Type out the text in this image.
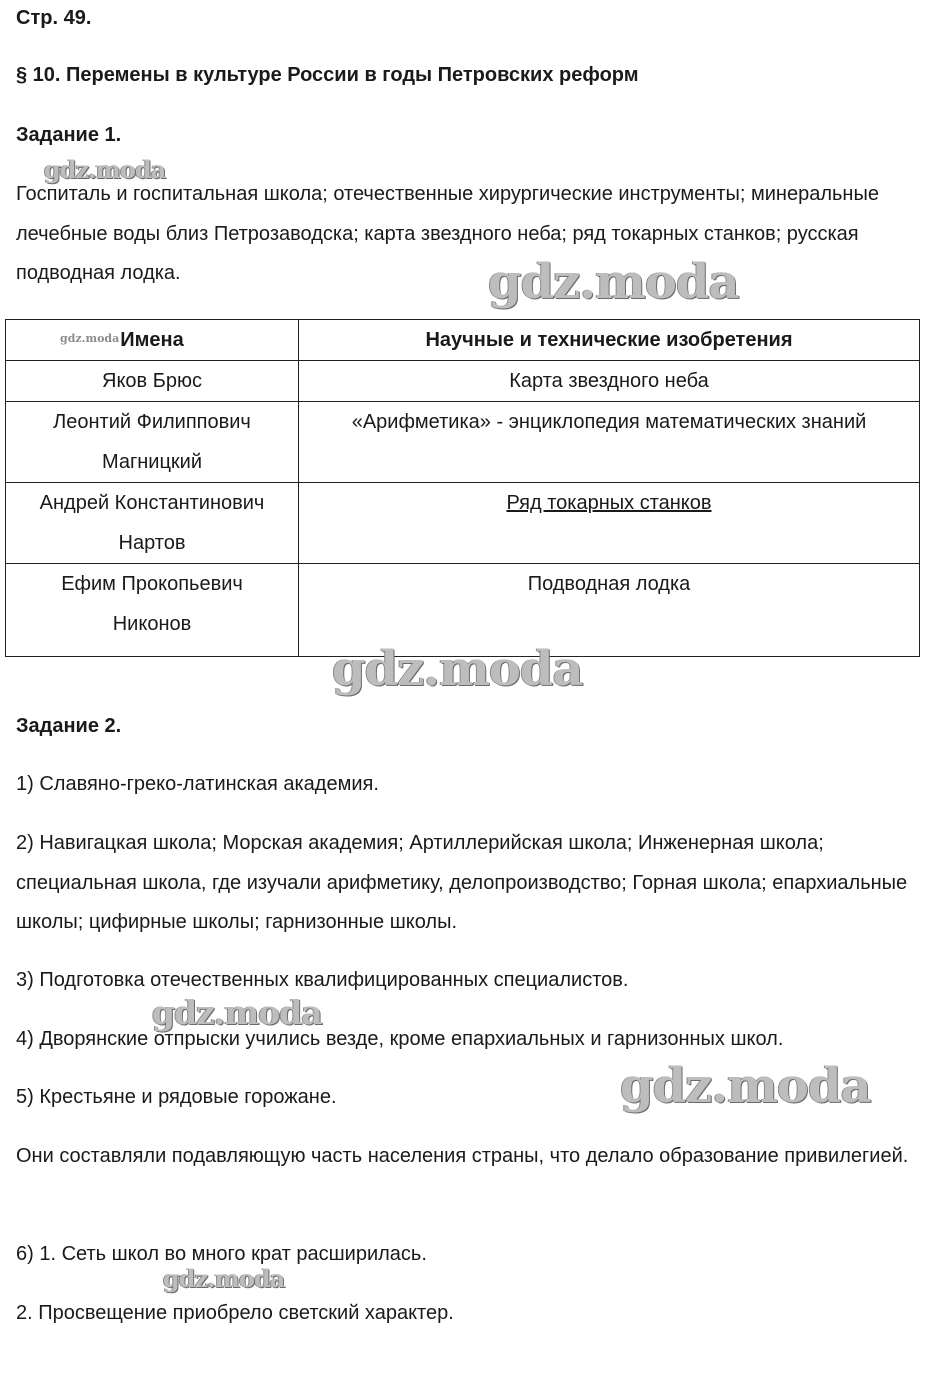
Стр. 49.
§ 10. Перемены в культуре России в годы Петровских реформ
Задание 1.
Госпиталь и госпитальная школа; отечественные хирургические инструменты; минеральные лечебные воды близ Петрозаводска; карта звездного неба; ряд токарных станков; русская подводная лодка.
Имена	Научные и технические изобретения
Яков Брюс	Карта звездного неба

Леонтий Филиппович
Магницкий	«Арифметика» - энциклопедия математических знаний

Андрей Константинович
Нартов	Ряд токарных станков

Ефим Прокопьевич
Никонов	Подводная лодка
Задание 2.
1) Славяно-греко-латинская академия.
2) Навигацкая школа; Морская академия; Артиллерийская школа; Инженерная школа; специальная школа, где изучали арифметику, делопроизводство; Горная школа; епархиальные школы; цифирные школы; гарнизонные школы.
3) Подготовка отечественных квалифицированных специалистов.
4) Дворянские отпрыски учились везде, кроме епархиальных и гарнизонных школ.
5) Крестьяне и рядовые горожане.
Они составляли подавляющую часть населения страны, что делало образование привилегией.
6) 1. Сеть школ во много крат расширилась.
2. Просвещение приобрело светский характер.
gdz.moda
gdz.moda
gdz.moda
gdz.moda
gdz.moda
gdz.moda
gdz.moda
